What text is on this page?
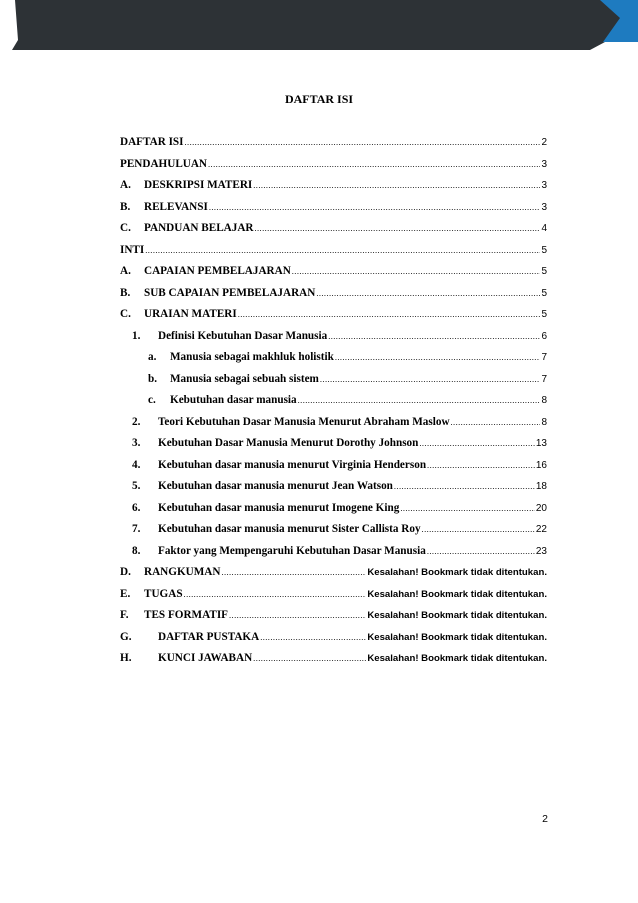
DAFTAR ISI
DAFTAR ISI .....	2
PENDAHULUAN .....	3
A.	DESKRIPSI MATERI .....	3
B.	RELEVANSI .....	3
C.	PANDUAN BELAJAR .....	4
INTI .....	5
A.	CAPAIAN PEMBELAJARAN .....	5
B.	SUB CAPAIAN PEMBELAJARAN .....	5
C.	URAIAN MATERI .....	5
1.	Definisi Kebutuhan Dasar Manusia .....	6
a.	Manusia sebagai makhluk holistik .....	7
b.	Manusia sebagai sebuah sistem .....	7
c.	Kebutuhan dasar manusia .....	8
2.	Teori Kebutuhan Dasar Manusia Menurut Abraham Maslow .....	8
3.	Kebutuhan Dasar Manusia Menurut Dorothy Johnson .....	13
4.	Kebutuhan dasar manusia menurut Virginia Henderson .....	16
5.	Kebutuhan dasar manusia menurut Jean Watson .....	18
6.	Kebutuhan dasar manusia menurut Imogene King .....	20
7.	Kebutuhan dasar manusia menurut Sister Callista Roy .....	22
8.	Faktor yang Mempengaruhi Kebutuhan Dasar Manusia .....	23
D.	RANGKUMAN .....	Kesalahan! Bookmark tidak ditentukan.
E.	TUGAS .....	Kesalahan! Bookmark tidak ditentukan.
F.	TES FORMATIF .....	Kesalahan! Bookmark tidak ditentukan.
G.	DAFTAR PUSTAKA .....	Kesalahan! Bookmark tidak ditentukan.
H.	KUNCI JAWABAN .....	Kesalahan! Bookmark tidak ditentukan.
2
